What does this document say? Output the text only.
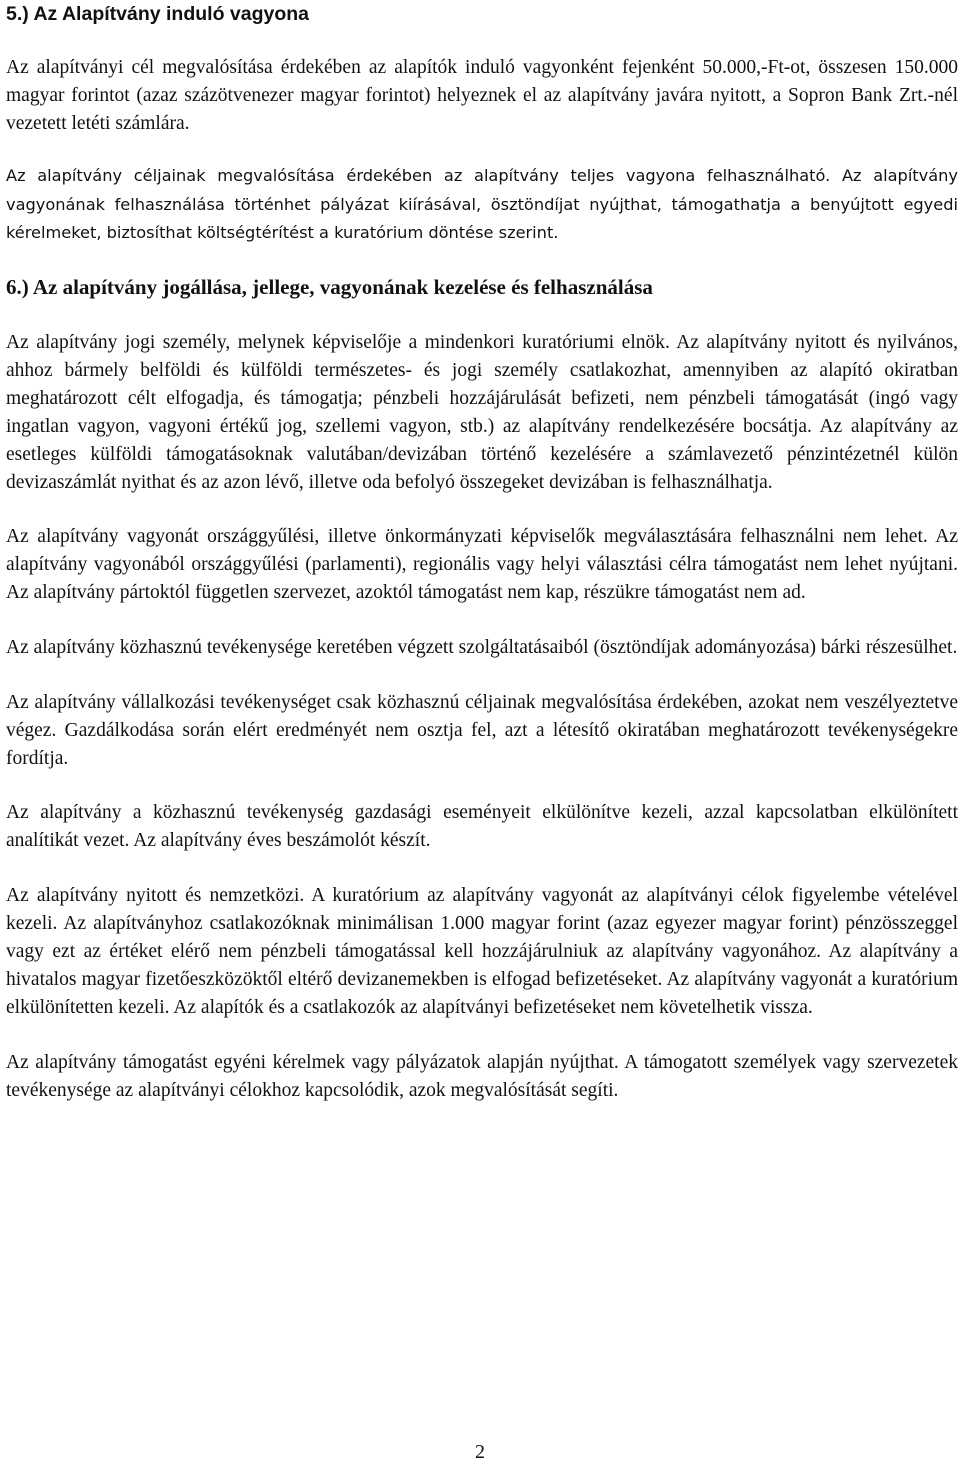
5.) Az Alapítvány induló vagyona

Az alapítványi cél megvalósítása érdekében az alapítók induló vagyonként fejenként 50.000,-Ft-ot, összesen 150.000 magyar forintot (azaz százötvenezer magyar forintot) helyeznek el az alapítvány javára nyitott, a Sopron Bank Zrt.-nél vezetett letéti számlára.

Az alapítvány céljainak megvalósítása érdekében az alapítvány teljes vagyona felhasználható. Az alapítvány vagyonának felhasználása történhet pályázat kiírásával, ösztöndíjat nyújthat, támogathatja a benyújtott egyedi kérelmeket, biztosíthat költségtérítést a kuratórium döntése szerint.

6.) Az alapítvány jogállása, jellege, vagyonának kezelése és felhasználása

Az alapítvány jogi személy, melynek képviselője a mindenkori kuratóriumi elnök. Az alapítvány nyitott és nyilvános, ahhoz bármely belföldi és külföldi természetes- és jogi személy csatlakozhat, amennyiben az alapító okiratban meghatározott célt elfogadja, és támogatja; pénzbeli hozzájárulását befizeti, nem pénzbeli támogatását (ingó vagy ingatlan vagyon, vagyoni értékű jog, szellemi vagyon, stb.) az alapítvány rendelkezésére bocsátja. Az alapítvány az esetleges külföldi támogatásoknak valutában/devizában történő kezelésére a számlavezető pénzintézetnél külön devizaszámlát nyithat és az azon lévő, illetve oda befolyó összegeket devizában is felhasználhatja.

Az alapítvány vagyonát országgyűlési, illetve önkormányzati képviselők megválasztására felhasználni nem lehet. Az alapítvány vagyonából országgyűlési (parlamenti), regionális vagy helyi választási célra támogatást nem lehet nyújtani. Az alapítvány pártoktól független szervezet, azoktól támogatást nem kap, részükre támogatást nem ad.

Az alapítvány közhasznú tevékenysége keretében végzett szolgáltatásaiból (ösztöndíjak adományozása) bárki részesülhet.

Az alapítvány vállalkozási tevékenységet csak közhasznú céljainak megvalósítása érdekében, azokat nem veszélyeztetve végez. Gazdálkodása során elért eredményét nem osztja fel, azt a létesítő okiratában meghatározott tevékenységekre fordítja.

Az alapítvány a közhasznú tevékenység gazdasági eseményeit elkülönítve kezeli, azzal kapcsolatban elkülönített analítikát vezet. Az alapítvány éves beszámolót készít.

Az alapítvány nyitott és nemzetközi. A kuratórium az alapítvány vagyonát az alapítványi célok figyelembe vételével kezeli. Az alapítványhoz csatlakozóknak minimálisan 1.000 magyar forint (azaz egyezer magyar forint) pénzösszeggel vagy ezt az értéket elérő nem pénzbeli támogatással kell hozzájárulniuk az alapítvány vagyonához. Az alapítvány a hivatalos magyar fizetőeszközöktől eltérő devizanemekben is elfogad befizetéseket. Az alapítvány vagyonát a kuratórium elkülönítetten kezeli. Az alapítók és a csatlakozók az alapítványi befizetéseket nem követelhetik vissza.

Az alapítvány támogatást egyéni kérelmek vagy pályázatok alapján nyújthat. A támogatott személyek vagy szervezetek tevékenysége az alapítványi célokhoz kapcsolódik, azok megvalósítását segíti.

2
